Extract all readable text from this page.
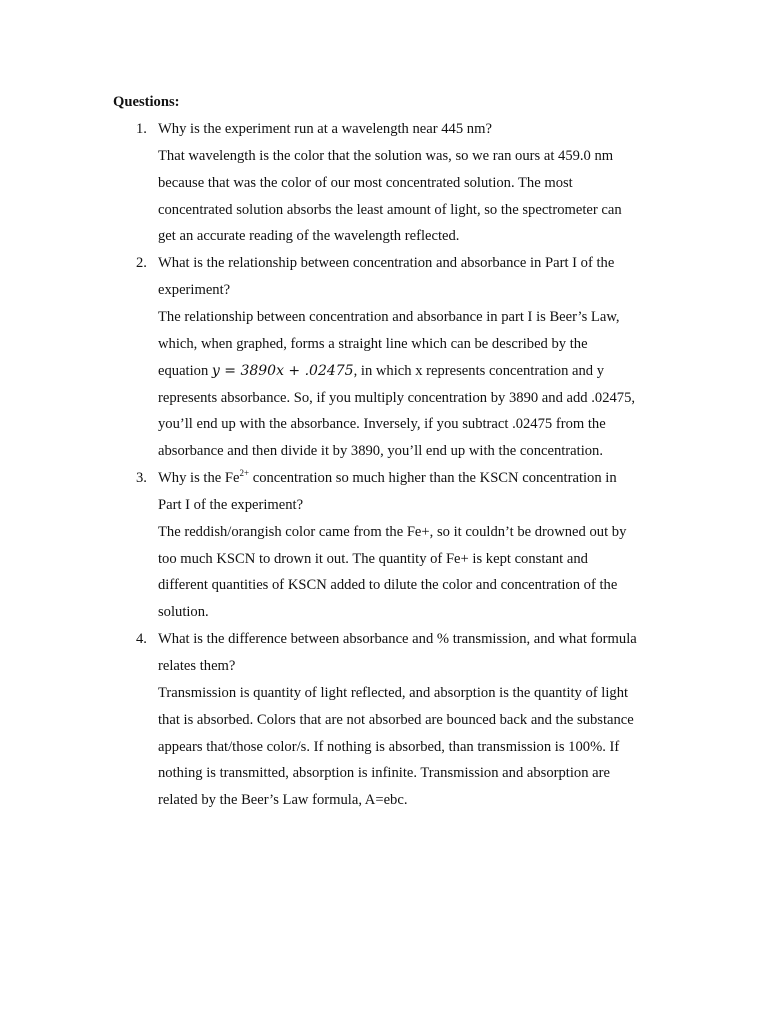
Questions:
1. Why is the experiment run at a wavelength near 445 nm?
That wavelength is the color that the solution was, so we ran ours at 459.0 nm
because that was the color of our most concentrated solution. The most
concentrated solution absorbs the least amount of light, so the spectrometer can
get an accurate reading of the wavelength reflected.
2. What is the relationship between concentration and absorbance in Part I of the
experiment?
The relationship between concentration and absorbance in part I is Beer’s Law,
which, when graphed, forms a straight line which can be described by the
equation y = 3890x + .02475, in which x represents concentration and y
represents absorbance. So, if you multiply concentration by 3890 and add .02475,
you’ll end up with the absorbance. Inversely, if you subtract .02475 from the
absorbance and then divide it by 3890, you’ll end up with the concentration.
3. Why is the $Fe^{2+}$ concentration so much higher than the KSCN concentration in
Part I of the experiment?
The reddish/orangish color came from the Fe+, so it couldn’t be drowned out by
too much KSCN to drown it out. The quantity of Fe+ is kept constant and
different quantities of KSCN added to dilute the color and concentration of the
solution.
4. What is the difference between absorbance and % transmission, and what formula
relates them?
Transmission is quantity of light reflected, and absorption is the quantity of light
that is absorbed. Colors that are not absorbed are bounced back and the substance
appears that/those color/s. If nothing is absorbed, than transmission is 100%. If
nothing is transmitted, absorption is infinite. Transmission and absorption are
related by the Beer’s Law formula, A=ebc.
